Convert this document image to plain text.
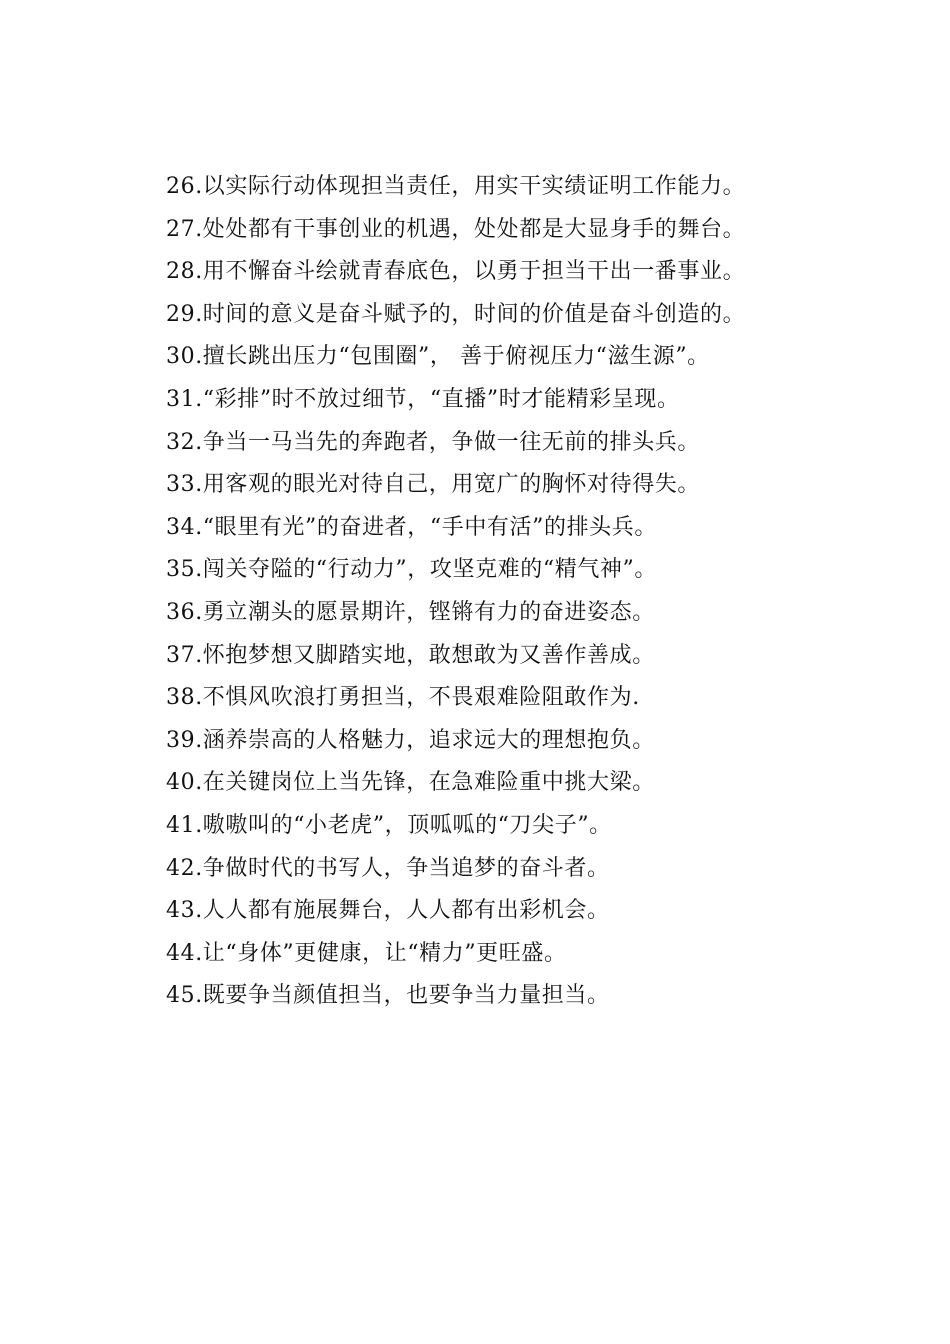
26.以实际行动体现担当责任，用实干实绩证明工作能力。
27.处处都有干事创业的机遇，处处都是大显身手的舞台。
28.用不懈奋斗绘就青春底色，以勇于担当干出一番事业。
29.时间的意义是奋斗赋予的，时间的价值是奋斗创造的。
30.擅长跳出压力“包围圈”， 善于俯视压力“滋生源”。
31.“彩排”时不放过细节，“直播”时才能精彩呈现。
32.争当一马当先的奔跑者，争做一往无前的排头兵。
33.用客观的眼光对待自己，用宽广的胸怀对待得失。
34.“眼里有光”的奋进者，“手中有活”的排头兵。
35.闯关夺隘的“行动力”，攻坚克难的“精气神”。
36.勇立潮头的愿景期许，铿锵有力的奋进姿态。
37.怀抱梦想又脚踏实地，敢想敢为又善作善成。
38.不惧风吹浪打勇担当，不畏艰难险阻敢作为.
39.涵养崇高的人格魅力，追求远大的理想抱负。
40.在关键岗位上当先锋，在急难险重中挑大梁。
41.嗷嗷叫的“小老虎”，顶呱呱的“刀尖子”。
42.争做时代的书写人，争当追梦的奋斗者。
43.人人都有施展舞台，人人都有出彩机会。
44.让“身体”更健康，让“精力”更旺盛。
45.既要争当颜值担当，也要争当力量担当。
